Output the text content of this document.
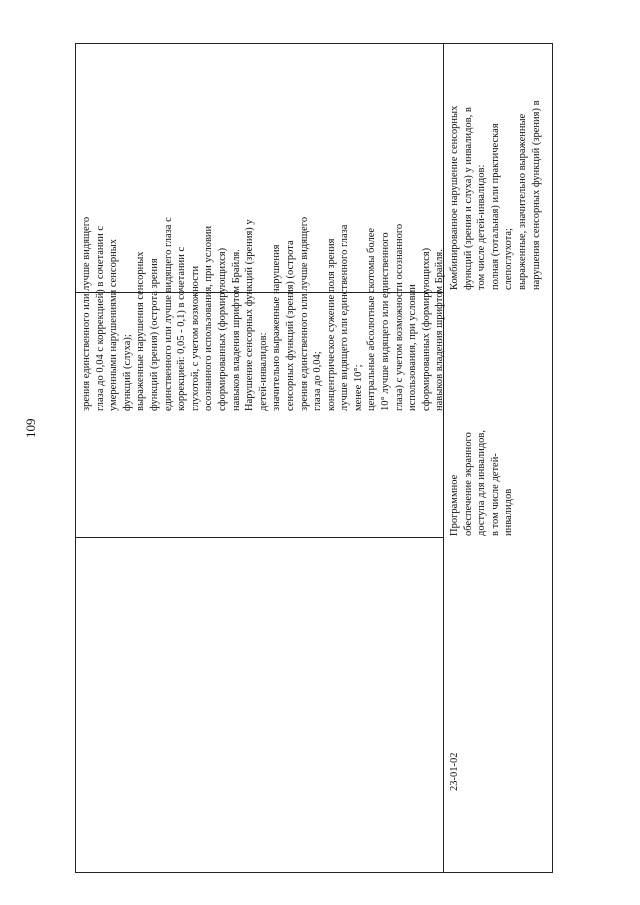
109
зрения единственного или лучше видящего глаза до 0,04 с коррекцией) в сочетании с умеренными нарушениями сенсорных функций (слуха); выраженные нарушения сенсорных функций (зрения) (острота зрения единственного или лучше видящего глаза с коррекцией: 0,05 - 0,1) в сочетании с глухотой, с учетом возможности осознанного использования, при условии сформированных (формирующихся) навыков владения шрифтом Брайля. Нарушение сенсорных функций (зрения) у детей-инвалидов: значительно выраженные нарушения сенсорных функций (зрения) (острота зрения единственного или лучше видящего глаза до 0,04; концентрическое сужение поля зрения лучше видящего или единственного глаза менее 10°; центральные абсолютные скотомы более 10° лучше видящего или единственного глаза) с учетом возможности осознанного использования, при условии сформированных (формирующихся) навыков владения шрифтом Брайля.
23-01-02
Программное обеспечение экранного доступа для инвалидов, в том числе детей- инвалидов
Комбинированное нарушение сенсорных функций (зрения и слуха) у инвалидов, в том числе детей-инвалидов: полная (тотальная) или практическая слепоглухота; выраженные, значительно выраженные нарушения сенсорных функций (зрения) в
